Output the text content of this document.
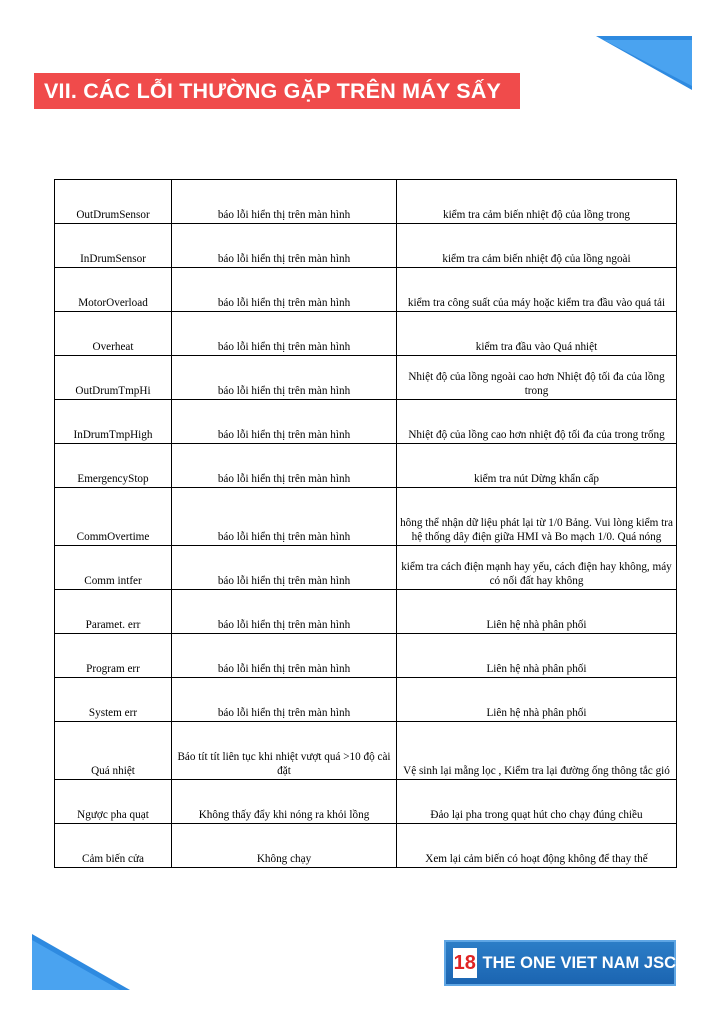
VII. CÁC LỖI THƯỜNG GẶP TRÊN MÁY SẤY
OutDrumSensor	báo lỗi hiển thị trên màn hình	kiểm tra cảm biến nhiệt độ của lồng trong
InDrumSensor	báo lỗi hiển thị trên màn hình	kiểm tra cảm biến nhiệt độ của lồng ngoài
MotorOverload	báo lỗi hiển thị trên màn hình	kiểm tra công suất của máy hoặc kiểm tra đầu vào quá tải
Overheat	báo lỗi hiển thị trên màn hình	kiểm tra đầu vào Quá nhiệt
OutDrumTmpHi	báo lỗi hiển thị trên màn hình	Nhiệt độ của lồng ngoài cao hơn Nhiệt độ tối đa của lồng trong
InDrumTmpHigh	báo lỗi hiển thị trên màn hình	Nhiệt độ của lồng cao hơn nhiệt độ tối đa của trong trống
EmergencyStop	báo lỗi hiển thị trên màn hình	kiểm tra nút Dừng khẩn cấp
CommOvertime	báo lỗi hiển thị trên màn hình	hông thể nhận dữ liệu phát lại từ 1/0 Bảng. Vui lòng kiểm tra hệ thống dây điện giữa HMI và Bo mạch 1/0. Quá nóng
Comm intfer	báo lỗi hiển thị trên màn hình	kiểm tra cách điện mạnh hay yếu, cách điện hay không, máy có nối đất hay không
Paramet. err	báo lỗi hiển thị trên màn hình	Liên hệ nhà phân phối
Program err	báo lỗi hiển thị trên màn hình	Liên hệ nhà phân phối
System err	báo lỗi hiển thị trên màn hình	Liên hệ nhà phân phối
Quá nhiệt	Báo tít tít liên tục khi nhiệt vượt quá >10 độ cài đặt	Vệ sinh lại mẵng lọc , Kiểm tra lại đường ống thông tắc gió
Ngược pha quạt	Không thấy đẩy khi nóng ra khỏi lồng	Đảo lại pha trong quạt hút cho chạy đúng chiều
Cảm biến cửa	Không chạy	Xem lại cảm biến có hoạt động không để thay thế
18 THE ONE VIET NAM JSC
